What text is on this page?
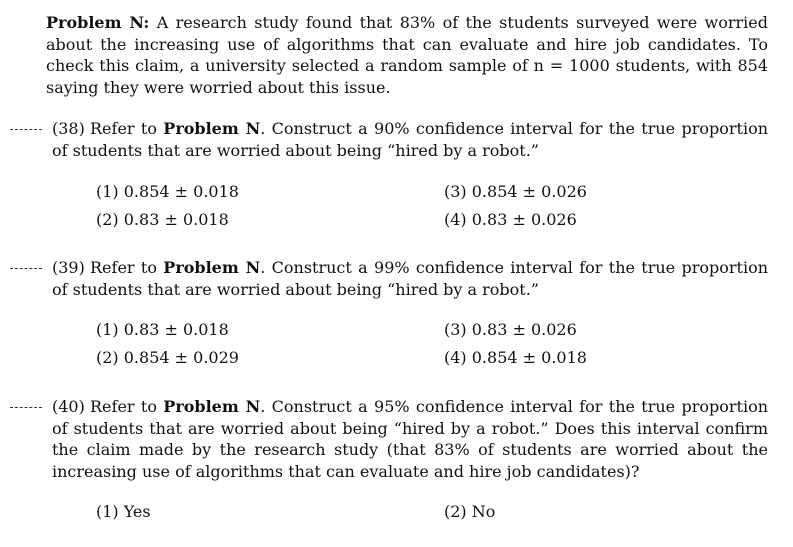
Problem N: A research study found that 83% of the students surveyed were worried about the increasing use of algorithms that can evaluate and hire job candidates. To check this claim, a university selected a random sample of n = 1000 students, with 854 saying they were worried about this issue.
(38) Refer to Problem N. Construct a 90% confidence interval for the true proportion of students that are worried about being “hired by a robot.”
(1) 0.854 ± 0.018	(3) 0.854 ± 0.026
(2) 0.83 ± 0.018	(4) 0.83 ± 0.026
(39) Refer to Problem N. Construct a 99% confidence interval for the true proportion of students that are worried about being “hired by a robot.”
(1) 0.83 ± 0.018	(3) 0.83 ± 0.026
(2) 0.854 ± 0.029	(4) 0.854 ± 0.018
(40) Refer to Problem N. Construct a 95% confidence interval for the true proportion of students that are worried about being “hired by a robot.” Does this interval confirm the claim made by the research study (that 83% of students are worried about the increasing use of algorithms that can evaluate and hire job candidates)?
(1) Yes	(2) No
